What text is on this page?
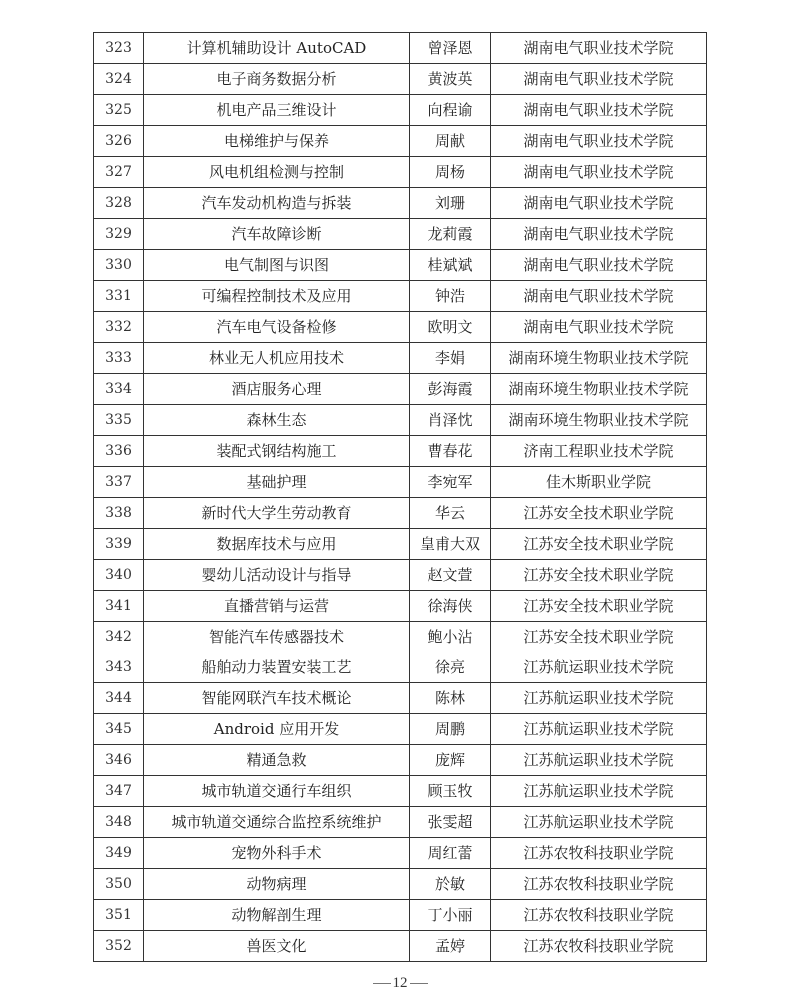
323	计算机辅助设计 AutoCAD	曾泽恩	湖南电气职业技术学院
324	电子商务数据分析	黄波英	湖南电气职业技术学院
325	机电产品三维设计	向程谕	湖南电气职业技术学院
326	电梯维护与保养	周献	湖南电气职业技术学院
327	风电机组检测与控制	周杨	湖南电气职业技术学院
328	汽车发动机构造与拆装	刘珊	湖南电气职业技术学院
329	汽车故障诊断	龙莉霞	湖南电气职业技术学院
330	电气制图与识图	桂斌斌	湖南电气职业技术学院
331	可编程控制技术及应用	钟浩	湖南电气职业技术学院
332	汽车电气设备检修	欧明文	湖南电气职业技术学院
333	林业无人机应用技术	李娟	湖南环境生物职业技术学院
334	酒店服务心理	彭海霞	湖南环境生物职业技术学院
335	森林生态	肖泽忱	湖南环境生物职业技术学院
336	装配式钢结构施工	曹春花	济南工程职业技术学院
337	基础护理	李宛军	佳木斯职业学院
338	新时代大学生劳动教育	华云	江苏安全技术职业学院
339	数据库技术与应用	皇甫大双	江苏安全技术职业学院
340	婴幼儿活动设计与指导	赵文萱	江苏安全技术职业学院
341	直播营销与运营	徐海侠	江苏安全技术职业学院
342	智能汽车传感器技术	鲍小沾	江苏安全技术职业学院
343	船舶动力装置安装工艺	徐亮	江苏航运职业技术学院
344	智能网联汽车技术概论	陈林	江苏航运职业技术学院
345	Android 应用开发	周鹏	江苏航运职业技术学院
346	精通急救	庞辉	江苏航运职业技术学院
347	城市轨道交通行车组织	顾玉牧	江苏航运职业技术学院
348	城市轨道交通综合监控系统维护	张雯超	江苏航运职业技术学院
349	宠物外科手术	周红蕾	江苏农牧科技职业学院
350	动物病理	於敏	江苏农牧科技职业学院
351	动物解剖生理	丁小丽	江苏农牧科技职业学院
352	兽医文化	孟婷	江苏农牧科技职业学院
12
